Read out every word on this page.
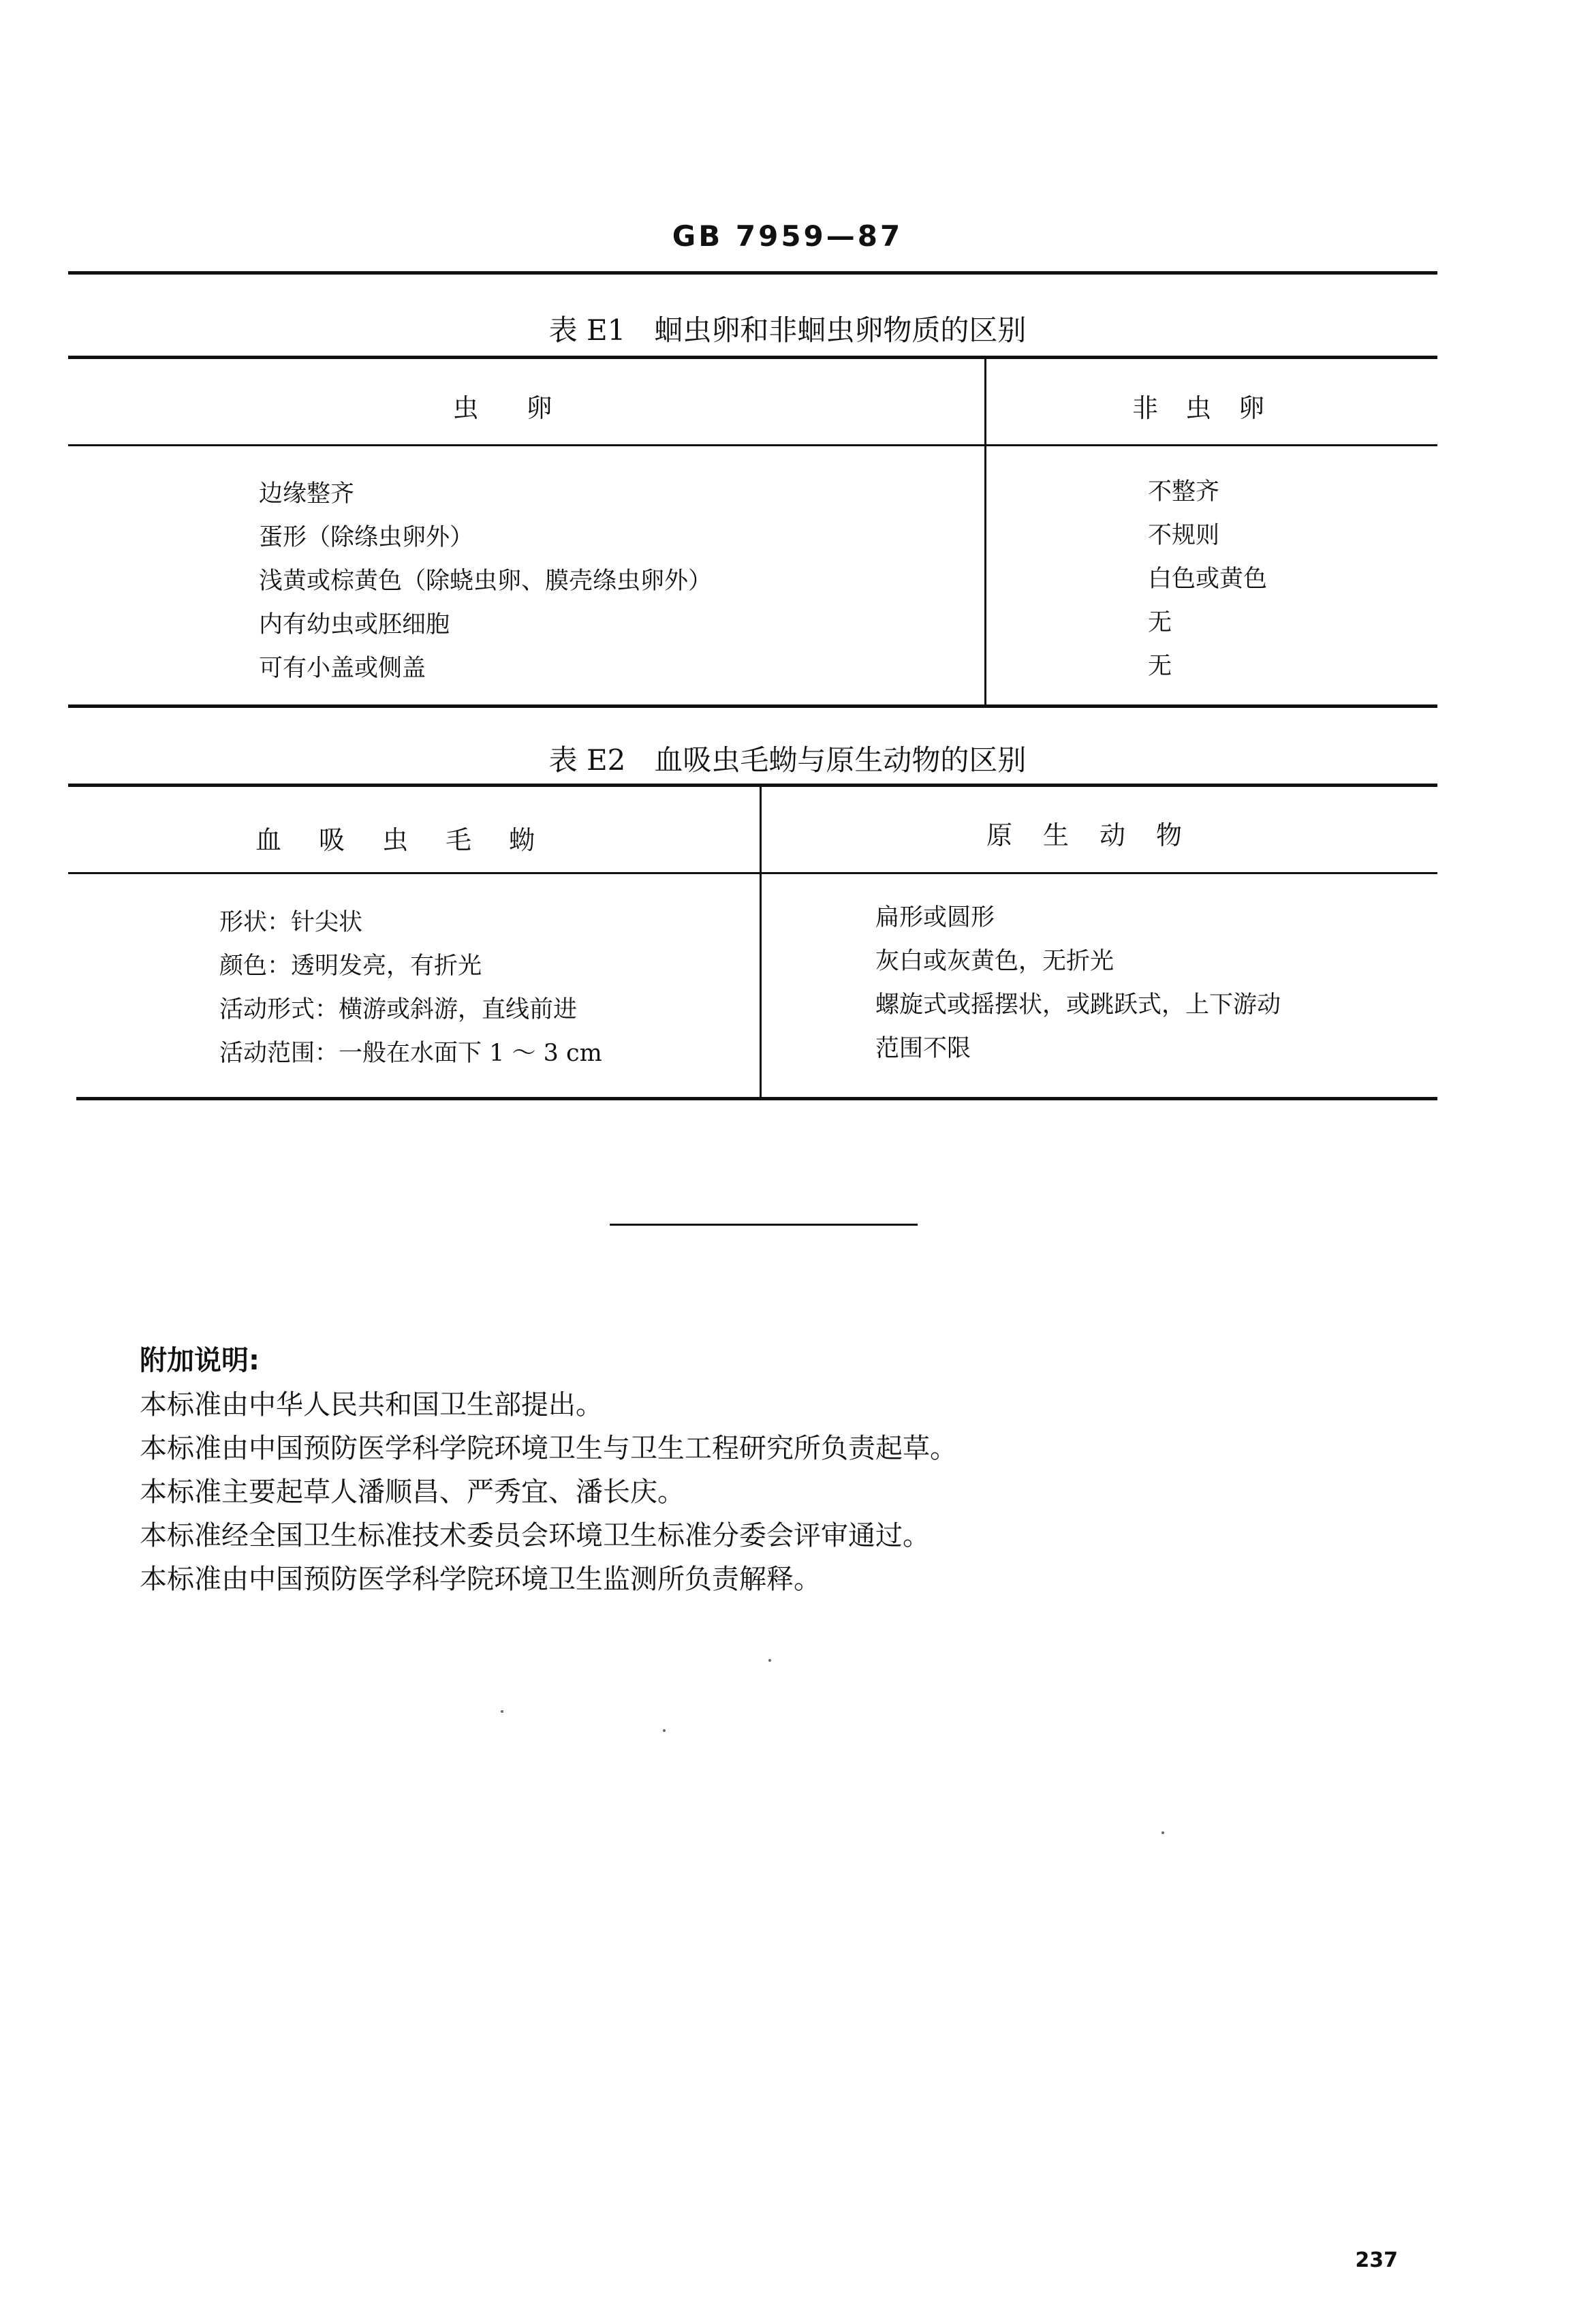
GB 7959—87
表 E1　蛔虫卵和非蛔虫卵物质的区别
虫卵	非虫卵
边缘整齐
蛋形（除绦虫卵外）
浅黄或棕黄色（除蛲虫卵、膜壳绦虫卵外）
内有幼虫或胚细胞
可有小盖或侧盖
不整齐
不规则
白色或黄色
无
无
表 E2　血吸虫毛蚴与原生动物的区别
血吸虫毛蚴	原生动物
形状：针尖状
颜色：透明发亮，有折光
活动形式：横游或斜游，直线前进
活动范围：一般在水面下 1 ～ 3 cm
扁形或圆形
灰白或灰黄色，无折光
螺旋式或摇摆状，或跳跃式，上下游动
范围不限
附加说明:
本标准由中华人民共和国卫生部提出。
本标准由中国预防医学科学院环境卫生与卫生工程研究所负责起草。
本标准主要起草人潘顺昌、严秀宜、潘长庆。
本标准经全国卫生标准技术委员会环境卫生标准分委会评审通过。
本标准由中国预防医学科学院环境卫生监测所负责解释。
237
